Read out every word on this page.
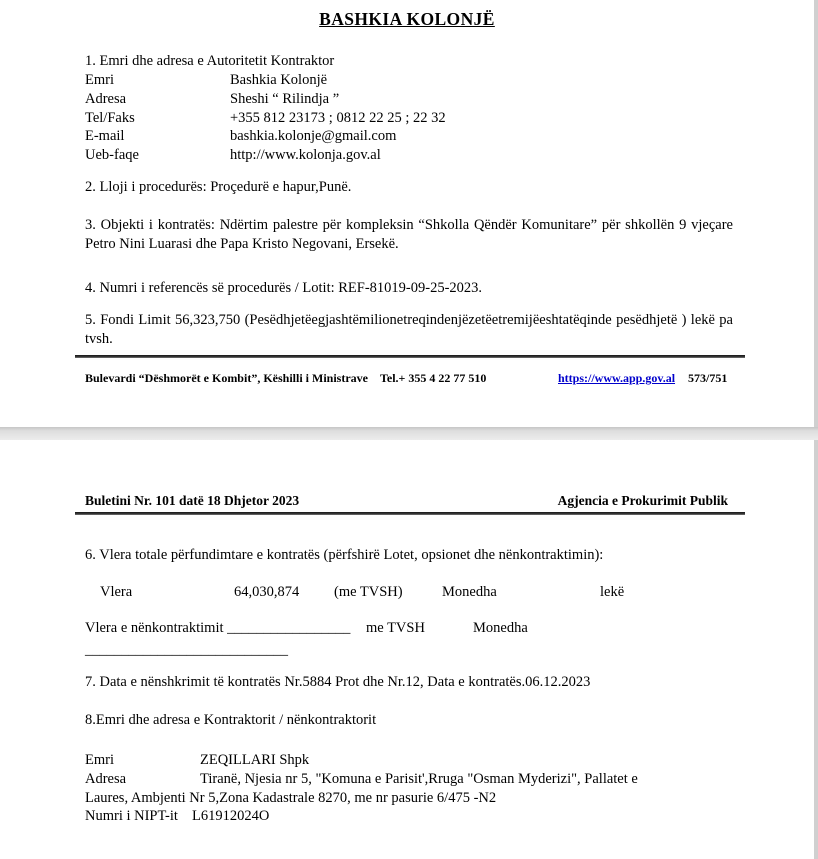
BASHKIA KOLONJË
1. Emri dhe adresa e Autoritetit Kontraktor
Emri	Bashkia Kolonjë
Adresa	Sheshi “ Rilindja ”
Tel/Faks	+355 812 23173 ; 0812 22 25 ; 22 32
E-mail	bashkia.kolonje@gmail.com
Ueb-faqe	http://www.kolonja.gov.al
2. Lloji i procedurës: Proçedurë e hapur,Punë.
3. Objekti i kontratës: Ndërtim palestre për kompleksin “Shkolla Qëndër Komunitare” për shkollën 9 vjeçare Petro Nini Luarasi dhe Papa Kristo Negovani, Ersekë.
4. Numri i referencës së procedurës / Lotit: REF-81019-09-25-2023.
5. Fondi Limit 56,323,750 (Pesëdhjetëegjashtëmilionetreqindenjëzetëetremijëeshtatëqinde pesëdhjetë ) lekë pa tvsh.
Bulevardi “Dëshmorët e Kombit”, Këshilli i Ministrave Tel.+ 355 4 22 77 510	https://www.app.gov.al 573/751
Buletini Nr. 101 datë 18 Dhjetor 2023	Agjencia e Prokurimit Publik
6. Vlera totale përfundimtare e kontratës (përfshirë Lotet, opsionet dhe nënkontraktimin):
Vlera	64,030,874 (me TVSH)	Monedha	lekë
Vlera e nënkontraktimit _________________ me TVSH	Monedha
____________________________
7. Data e nënshkrimit të kontratës Nr.5884 Prot dhe Nr.12, Data e kontratës.06.12.2023
8.Emri dhe adresa e Kontraktorit / nënkontraktorit
Emri	ZEQILLARI Shpk
Adresa	Tiranë, Njesia nr 5, "Komuna e Parisit',Rruga "Osman Myderizi", Pallatet e
Laures, Ambjenti Nr 5,Zona Kadastrale 8270, me nr pasurie 6/475 -N2
Numri i NIPT-it L61912024O
